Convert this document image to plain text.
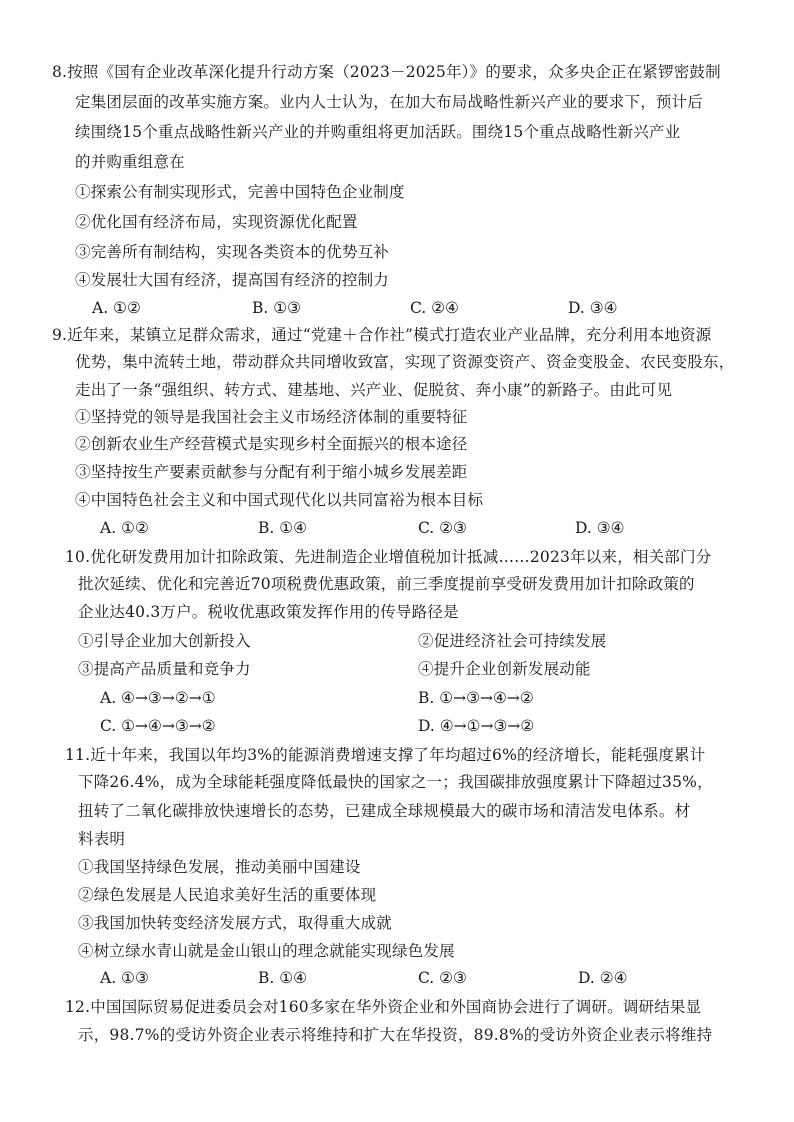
8.按照《国有企业改革深化提升行动方案（2023－2025年）》的要求，众多央企正在紧锣密鼓制
定集团层面的改革实施方案。业内人士认为，在加大布局战略性新兴产业的要求下，预计后
续围绕15个重点战略性新兴产业的并购重组将更加活跃。围绕15个重点战略性新兴产业
的并购重组意在
①探索公有制实现形式，完善中国特色企业制度
②优化国有经济布局，实现资源优化配置
③完善所有制结构，实现各类资本的优势互补
④发展壮大国有经济，提高国有经济的控制力
A. ①②	B. ①③	C. ②④	D. ③④
9.近年来，某镇立足群众需求，通过“党建＋合作社”模式打造农业产业品牌，充分利用本地资源
优势，集中流转土地，带动群众共同增收致富，实现了资源变资产、资金变股金、农民变股东，
走出了一条“强组织、转方式、建基地、兴产业、促脱贫、奔小康”的新路子。由此可见
①坚持党的领导是我国社会主义市场经济体制的重要特征
②创新农业生产经营模式是实现乡村全面振兴的根本途径
③坚持按生产要素贡献参与分配有利于缩小城乡发展差距
④中国特色社会主义和中国式现代化以共同富裕为根本目标
A. ①②	B. ①④	C. ②③	D. ③④
10.优化研发费用加计扣除政策、先进制造企业增值税加计抵减……2023年以来，相关部门分
批次延续、优化和完善近70项税费优惠政策，前三季度提前享受研发费用加计扣除政策的
企业达40.3万户。税收优惠政策发挥作用的传导路径是
①引导企业加大创新投入	②促进经济社会可持续发展
③提高产品质量和竞争力	④提升企业创新发展动能
A. ④→③→②→①	B. ①→③→④→②
C. ①→④→③→②	D. ④→①→③→②
11.近十年来，我国以年均3%的能源消费增速支撑了年均超过6%的经济增长，能耗强度累计
下降26.4%，成为全球能耗强度降低最快的国家之一；我国碳排放强度累计下降超过35%，
扭转了二氧化碳排放快速增长的态势，已建成全球规模最大的碳市场和清洁发电体系。材
料表明
①我国坚持绿色发展，推动美丽中国建设
②绿色发展是人民追求美好生活的重要体现
③我国加快转变经济发展方式，取得重大成就
④树立绿水青山就是金山银山的理念就能实现绿色发展
A. ①③	B. ①④	C. ②③	D. ②④
12.中国国际贸易促进委员会对160多家在华外资企业和外国商协会进行了调研。调研结果显
示，98.7%的受访外资企业表示将维持和扩大在华投资，89.8%的受访外资企业表示将维持
